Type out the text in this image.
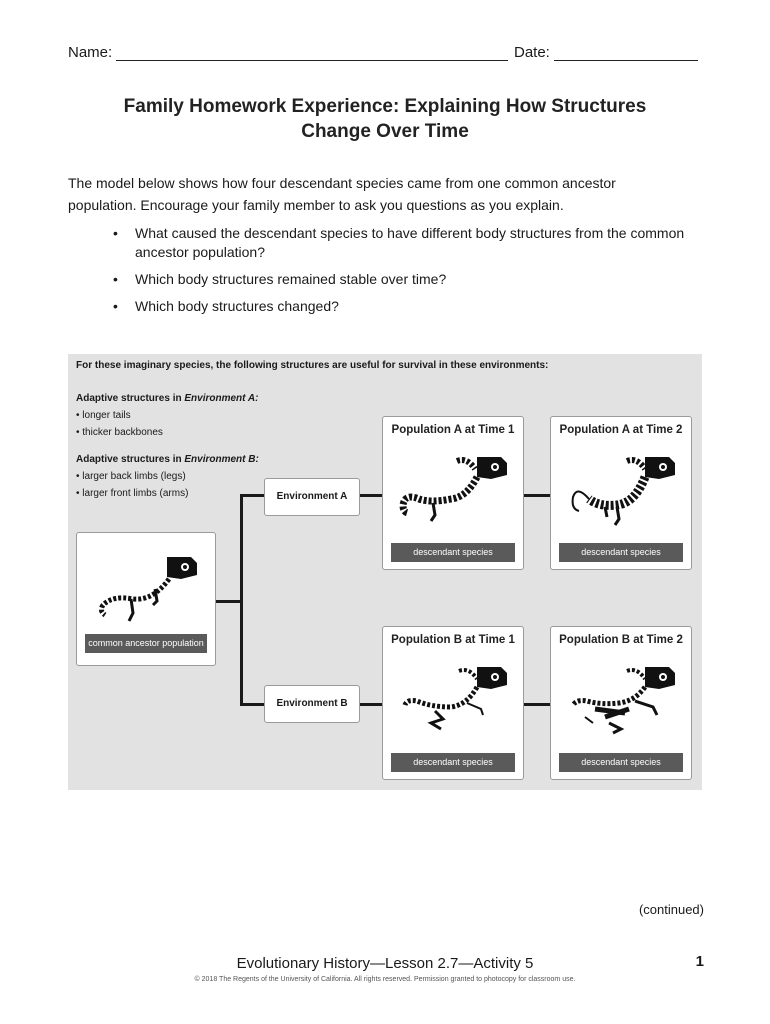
Name:	Date:
Family Homework Experience: Explaining How Structures
Change Over Time
The model below shows how four descendant species came from one common ancestor
population. Encourage your family member to ask you questions as you explain.
• What caused the descendant species to have different body structures from the common ancestor population?
• Which body structures remained stable over time?
• Which body structures changed?
For these imaginary species, the following structures are useful for survival in these environments:
Adaptive structures in Environment A:
• longer tails
• thicker backbones
Adaptive structures in Environment B:
• larger back limbs (legs)
• larger front limbs (arms)	Environment A
Environment B
common ancestor population
Population A at Time 1
descendant species
Population A at Time 2
descendant species
Population B at Time 1
descendant species
Population B at Time 2
descendant species
(continued)
Evolutionary History—Lesson 2.7—Activity 5	1
© 2018 The Regents of the University of California. All rights reserved. Permission granted to photocopy for classroom use.
